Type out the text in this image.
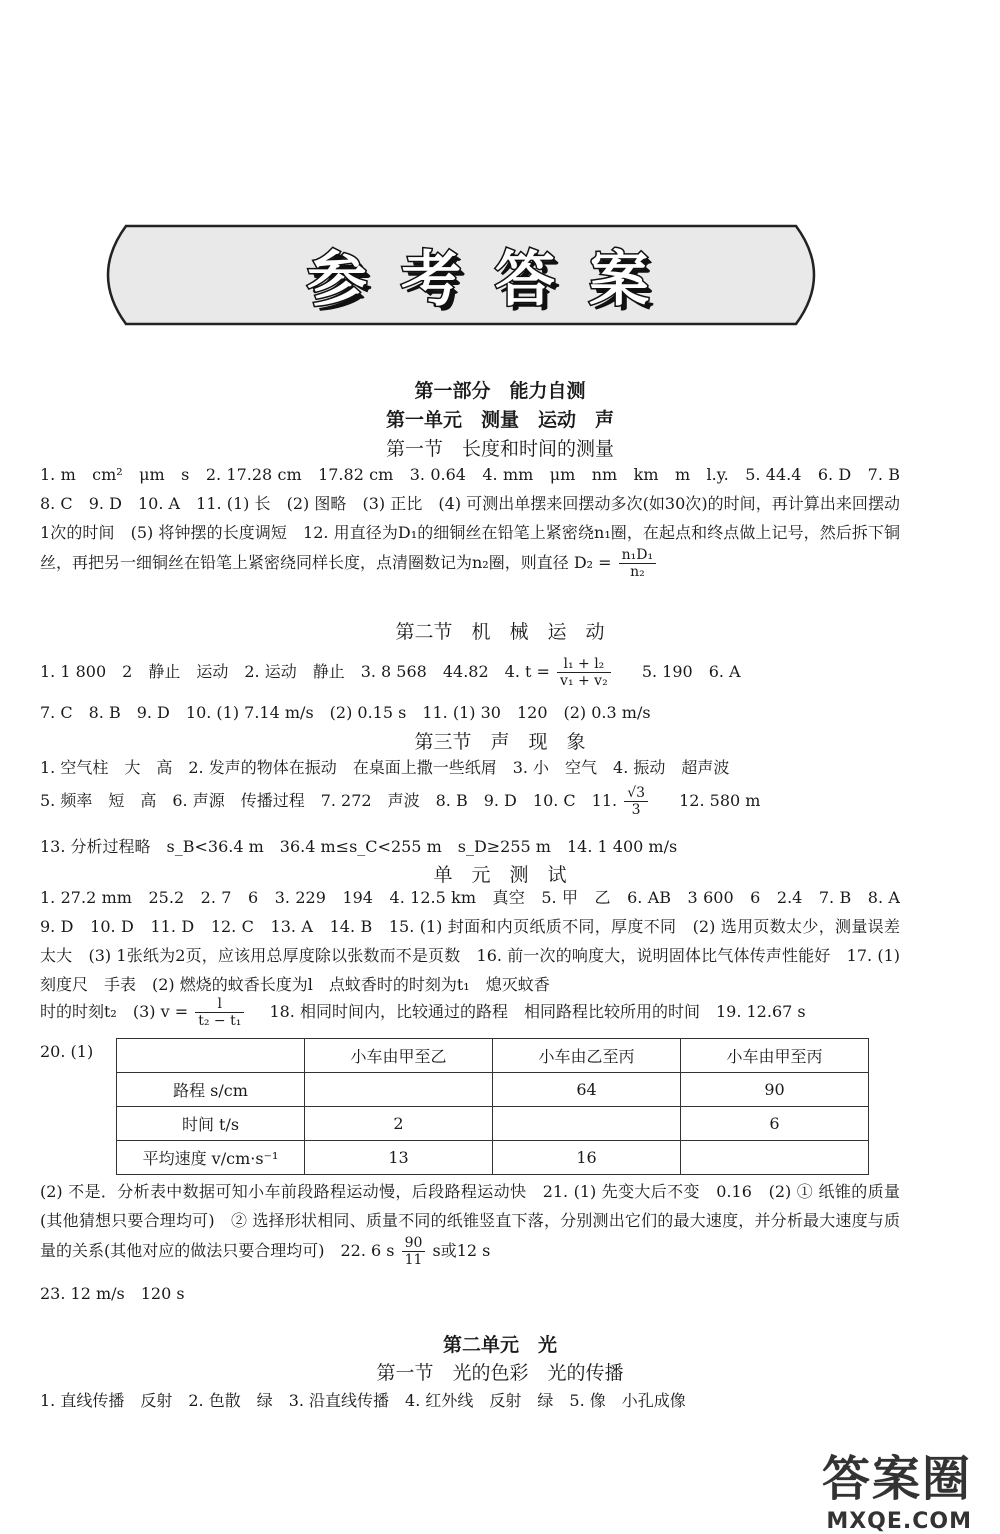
参考答案
第一部分　能力自测
第一单元　测量　运动　声
第一节　长度和时间的测量
1. m　cm²　μm　s　2. 17.28 cm　17.82 cm　3. 0.64　4. mm　μm　nm　km　m　l.y.　5. 44.4　6. D　7. B　8. C　9. D　10. A　11. (1) 长　(2) 图略　(3) 正比　(4) 可测出单摆来回摆动多次(如30次)的时间，再计算出来回摆动1次的时间　(5) 将钟摆的长度调短　12. 用直径为D₁的细铜丝在铅笔上紧密绕n₁圈，在起点和终点做上记号，然后拆下铜丝，再把另一细铜丝在铅笔上紧密绕同样长度，点清圈数记为n₂圈，则直径 $D_2 = \frac{\text{n₁D₁}}{\text{n₂}}$
第二节　机　械　运　动
1. 1 800　2　静止　运动　2. 运动　静止　3. 8 568　44.82　4. $t = \frac{\text{l₁ + l₂}}{\text{v₁ + v₂}} 5$. 190　6. A
7. C　8. B　9. D　10. (1) 7.14 m/s　(2) 0.15 s　11. (1) 30　120　(2) 0.3 m/s
第三节　声　现　象
1. 空气柱　大　高　2. 发声的物体在振动　在桌面上撒一些纸屑　3. 小　空气　4. 振动　超声波
5. 频率　短　高　6. 声源　传播过程　7. 272　声波　8. B　9. D　10. C　11. $\frac{√3}{3} 12$. 580 m
13. 分析过程略　s_B<36.4 m　36.4 m≤s_C<255 m　s_D≥255 m　14. 1 400 m/s
单　元　测　试
1. 27.2 mm　25.2　2. 7　6　3. 229　194　4. 12.5 km　真空　5. 甲　乙　6. AB　3 600　6　2.4　7. B　8. A　9. D　10. D　11. D　12. C　13. A　14. B　15. (1) 封面和内页纸质不同，厚度不同　(2) 选用页数太少，测量误差太大　(3) 1张纸为2页，应该用总厚度除以张数而不是页数　16. 前一次的响度大，说明固体比气体传声性能好　17. (1) 刻度尺　手表　(2) 燃烧的蚊香长度为l　点蚊香时的时刻为t₁　熄灭蚊香
时的时刻t₂　(3) $v = \frac{l}{\text{t₂ − t₁}} 18$. 相同时间内，比较通过的路程　相同路程比较所用的时间　19. 12.67 s
20. (1)
		小车由甲至乙	小车由乙至丙	小车由甲至丙
路程 s/cm		64	90
时间 t/s	2		6
平均速度 v/cm·s⁻¹	13	16	
(2) 不是．分析表中数据可知小车前段路程运动慢，后段路程运动快　21. (1) 先变大后不变　0.16　(2) ① 纸锥的质量(其他猜想只要合理均可)　② 选择形状相同、质量不同的纸锥竖直下落，分别测出它们的最大速度，并分析最大速度与质量的关系(其他对应的做法只要合理均可)　22. 6 s $\frac{90}{11}$ s或12 s
23. 12 m/s　120 s
第二单元　光
第一节　光的色彩　光的传播
1. 直线传播　反射　2. 色散　绿　3. 沿直线传播　4. 红外线　反射　绿　5. 像　小孔成像
答案圈
MXQE.COM
